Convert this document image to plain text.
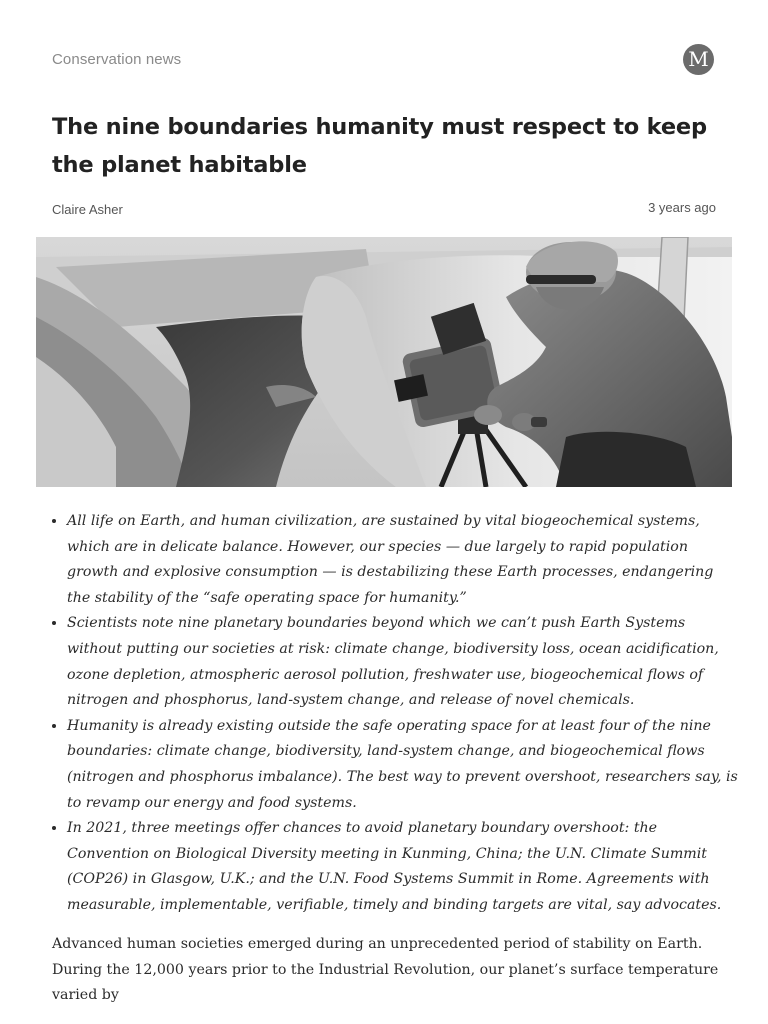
Conservation news	M
The nine boundaries humanity must respect to keep the planet habitable
Claire Asher	3 years ago
• All life on Earth, and human civilization, are sustained by vital biogeochemical systems, which are in delicate balance. However, our species — due largely to rapid population growth and explosive consumption — is destabilizing these Earth processes, endangering the stability of the “safe operating space for humanity.”
• Scientists note nine planetary boundaries beyond which we can’t push Earth Systems without putting our societies at risk: climate change, biodiversity loss, ocean acidification, ozone depletion, atmospheric aerosol pollution, freshwater use, biogeochemical flows of nitrogen and phosphorus, land-system change, and release of novel chemicals.
• Humanity is already existing outside the safe operating space for at least four of the nine boundaries: climate change, biodiversity, land-system change, and biogeochemical flows (nitrogen and phosphorus imbalance). The best way to prevent overshoot, researchers say, is to revamp our energy and food systems.
• In 2021, three meetings offer chances to avoid planetary boundary overshoot: the Convention on Biological Diversity meeting in Kunming, China; the U.N. Climate Summit (COP26) in Glasgow, U.K.; and the U.N. Food Systems Summit in Rome. Agreements with measurable, implementable, verifiable, timely and binding targets are vital, say advocates.

Advanced human societies emerged during an unprecedented period of stability on Earth. During the 12,000 years prior to the Industrial Revolution, our planet’s surface temperature varied by
